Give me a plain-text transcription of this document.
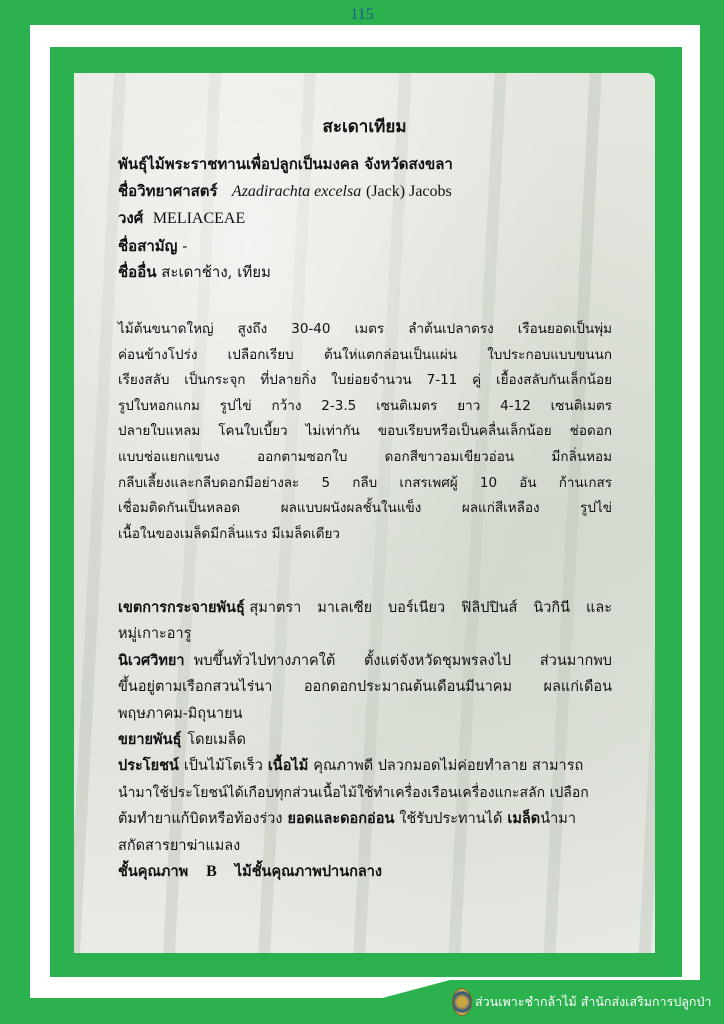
115
สะเดาเทียม
พันธุ์ไม้พระราชทานเพื่อปลูกเป็นมงคล จังหวัดสงขลา
ชื่อวิทยาศาสตร์ Azadirachta excelsa (Jack) Jacobs
วงศ์ MELIACEAE
ชื่อสามัญ -
ชื่ออื่น สะเดาช้าง, เทียม
ไม้ต้นขนาดใหญ่ สูงถึง 30-40 เมตร ลำต้นเปลาตรง เรือนยอดเป็นพุ่ม
ค่อนข้างโปร่ง เปลือกเรียบ ต้นให่แตกล่อนเป็นแผ่น ใบประกอบแบบขนนก
เรียงสลับ เป็นกระจุก ที่ปลายกิ่ง ใบย่อยจำนวน 7-11 คู่ เยื้องสลับกันเล็กน้อย
รูปใบหอกแกม รูปไข่ กว้าง 2-3.5 เซนติเมตร ยาว 4-12 เซนติเมตร
ปลายใบแหลม โคนใบเบี้ยว ไม่เท่ากัน ขอบเรียบหรือเป็นคลื่นเล็กน้อย ช่อดอก
แบบช่อแยกแขนง ออกตามซอกใบ ดอกสีขาวอมเขียวอ่อน มีกลิ่นหอม
กลีบเลี้ยงและกลีบดอกมีอย่างละ 5 กลีบ เกสรเพศผู้ 10 อัน ก้านเกสร
เชื่อมติดกันเป็นหลอด ผลแบบผนังผลชั้นในแข็ง ผลแก่สีเหลือง รูปไข่
เนื้อในของเมล็ดมีกลิ่นแรง มีเมล็ดเดียว
เขตการกระจายพันธุ์
สุมาตรา มาเลเซีย บอร์เนียว ฟิลิปปินส์ นิวกินี และ
หมู่เกาะอารู
นิเวศวิทยา
พบขึ้นทั่วไปทางภาคใต้ ตั้งแต่จังหวัดชุมพรลงไป ส่วนมากพบ
ขึ้นอยู่ตามเรือกสวนไร่นา ออกดอกประมาณต้นเดือนมีนาคม ผลแก่เดือน
พฤษภาคม-มิถุนายน
ขยายพันธุ์ โดยเมล็ด
ประโยชน์ เป็นไม้โตเร็ว เนื้อไม้ คุณภาพดี ปลวกมอดไม่ค่อยทำลาย สามารถ
นำมาใช้ประโยชน์ได้เกือบทุกส่วนเนื้อไม้ใช้ทำเครื่องเรือนเครื่องแกะสลัก เปลือก
ต้มทำยาแก้บิดหรือท้องร่วง ยอดและดอกอ่อน ใช้รับประทานได้ เมล็ดนำมา
สกัดสารยาฆ่าแมลง
ชั้นคุณภาพ B ไม้ชั้นคุณภาพปานกลาง
ส่วนเพาะชำกล้าไม้ สำนักส่งเสริมการปลูกป่า
